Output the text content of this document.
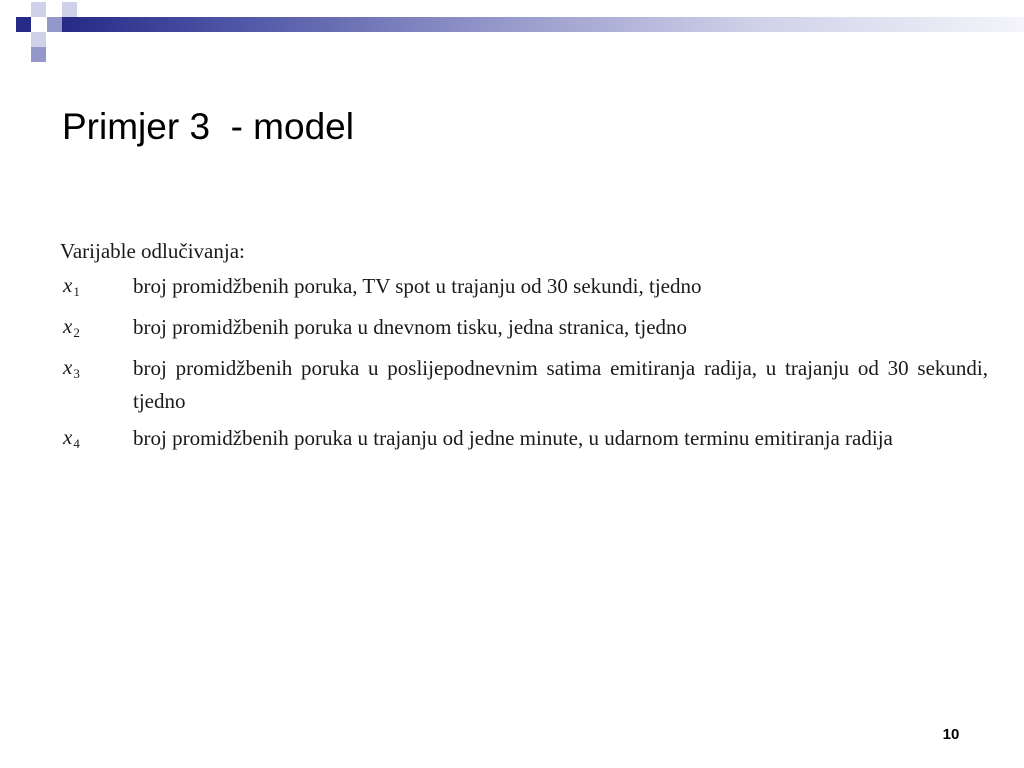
Primjer 3  - model
Varijable odlučivanja:
$x_1$	broj promidžbenih poruka, TV spot u trajanju od 30 sekundi, tjedno
$x_2$	broj promidžbenih poruka u dnevnom tisku, jedna stranica, tjedno
$x_3$	broj promidžbenih poruka u poslijepodnevnim satima emitiranja radija, u trajanju od 30 sekundi, tjedno
$x_4$	broj promidžbenih poruka u trajanju od jedne minute, u udarnom terminu emitiranja radija
10
